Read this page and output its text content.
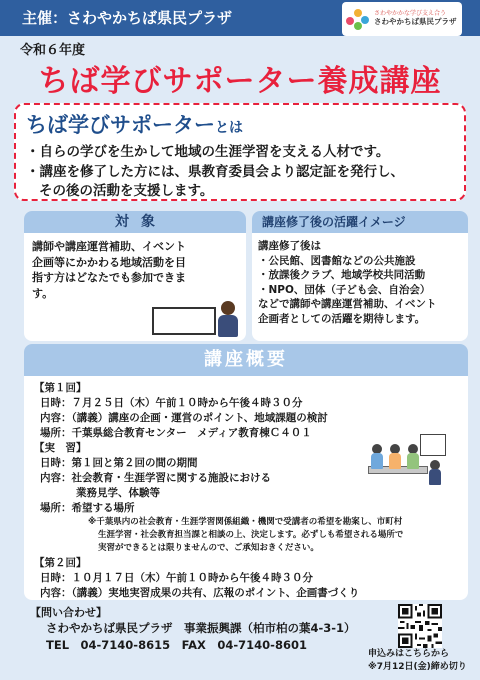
主催：さわやかちば県民プラザ	さわやかかな学び支え合う
さわやかちば県民プラザ
令和６年度
ちば学びサポーター養成講座
ちば学びサポーターとは
・自らの学びを生かして地域の生涯学習を支える人材です。
・講座を修了した方には、県教育委員会より認定証を発行し、
その後の活動を支援します。
対象
講師や講座運営補助、イベント
企画等にかかわる地域活動を目
指す方はどなたでも参加できま
す。
講座修了後の活躍イメージ
講座修了後は
・公民館、図書館などの公共施設
・放課後クラブ、地域学校共同活動
・NPO、団体（子ども会、自治会）
などで講師や講座運営補助、イベント
企画者としての活躍を期待します。
講座概要
【第１回】
日時：７月２５日（木）午前１０時から午後４時３０分
内容：（講義）講座の企画・運営のポイント、地域課題の検討
場所：千葉県総合教育センター　メディア教育棟Ｃ４０１
【実　習】
日時：第１回と第２回の間の期間
内容：社会教育・生涯学習に関する施設における
業務見学、体験等
場所：希望する場所
※千葉県内の社会教育・生涯学習関係組織・機関で受講者の希望を勘案し、市町村
生涯学習・社会教育担当課と相談の上、決定します。必ずしも希望される場所で
実習ができるとは限りませんので、ご承知おきください。
【第２回】
日時：１０月１７日（木）午前１０時から午後４時３０分
内容：（講義）実地実習成果の共有、広報のポイント、企画書づくり
【問い合わせ】
さわやかちば県民プラザ　事業振興課（柏市柏の葉4-3-1）
TEL　04-7140-8615　FAX　04-7140-8601
申込みはこちらから
※7月12日(金)締め切り
